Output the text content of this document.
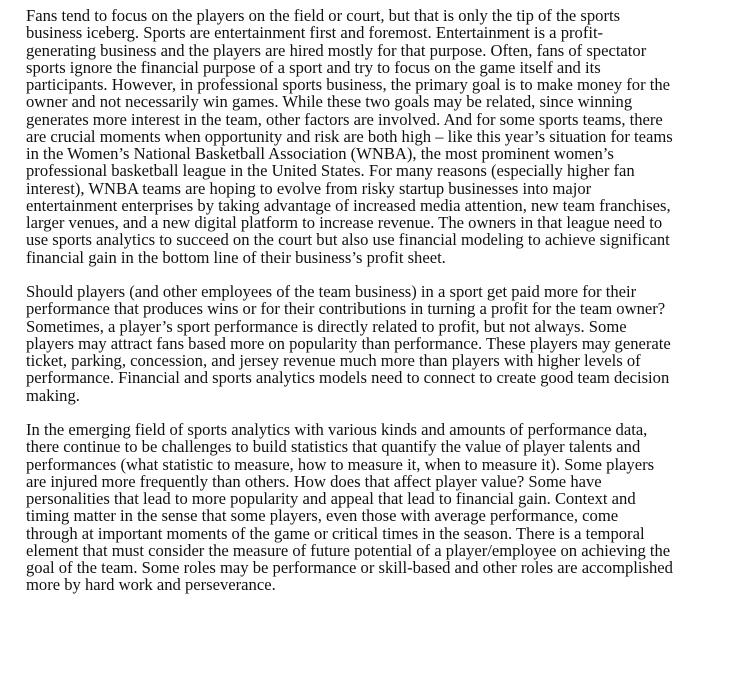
Fans tend to focus on the players on the field or court, but that is only the tip of the sports
business iceberg. Sports are entertainment first and foremost. Entertainment is a profit-
generating business and the players are hired mostly for that purpose. Often, fans of spectator
sports ignore the financial purpose of a sport and try to focus on the game itself and its
participants. However, in professional sports business, the primary goal is to make money for the
owner and not necessarily win games. While these two goals may be related, since winning
generates more interest in the team, other factors are involved. And for some sports teams, there
are crucial moments when opportunity and risk are both high – like this year’s situation for teams
in the Women’s National Basketball Association (WNBA), the most prominent women’s
professional basketball league in the United States. For many reasons (especially higher fan
interest), WNBA teams are hoping to evolve from risky startup businesses into major
entertainment enterprises by taking advantage of increased media attention, new team franchises,
larger venues, and a new digital platform to increase revenue. The owners in that league need to
use sports analytics to succeed on the court but also use financial modeling to achieve significant
financial gain in the bottom line of their business’s profit sheet.
Should players (and other employees of the team business) in a sport get paid more for their
performance that produces wins or for their contributions in turning a profit for the team owner?
Sometimes, a player’s sport performance is directly related to profit, but not always. Some
players may attract fans based more on popularity than performance. These players may generate
ticket, parking, concession, and jersey revenue much more than players with higher levels of
performance. Financial and sports analytics models need to connect to create good team decision
making.
In the emerging field of sports analytics with various kinds and amounts of performance data,
there continue to be challenges to build statistics that quantify the value of player talents and
performances (what statistic to measure, how to measure it, when to measure it). Some players
are injured more frequently than others. How does that affect player value? Some have
personalities that lead to more popularity and appeal that lead to financial gain. Context and
timing matter in the sense that some players, even those with average performance, come
through at important moments of the game or critical times in the season. There is a temporal
element that must consider the measure of future potential of a player/employee on achieving the
goal of the team. Some roles may be performance or skill-based and other roles are accomplished
more by hard work and perseverance.
